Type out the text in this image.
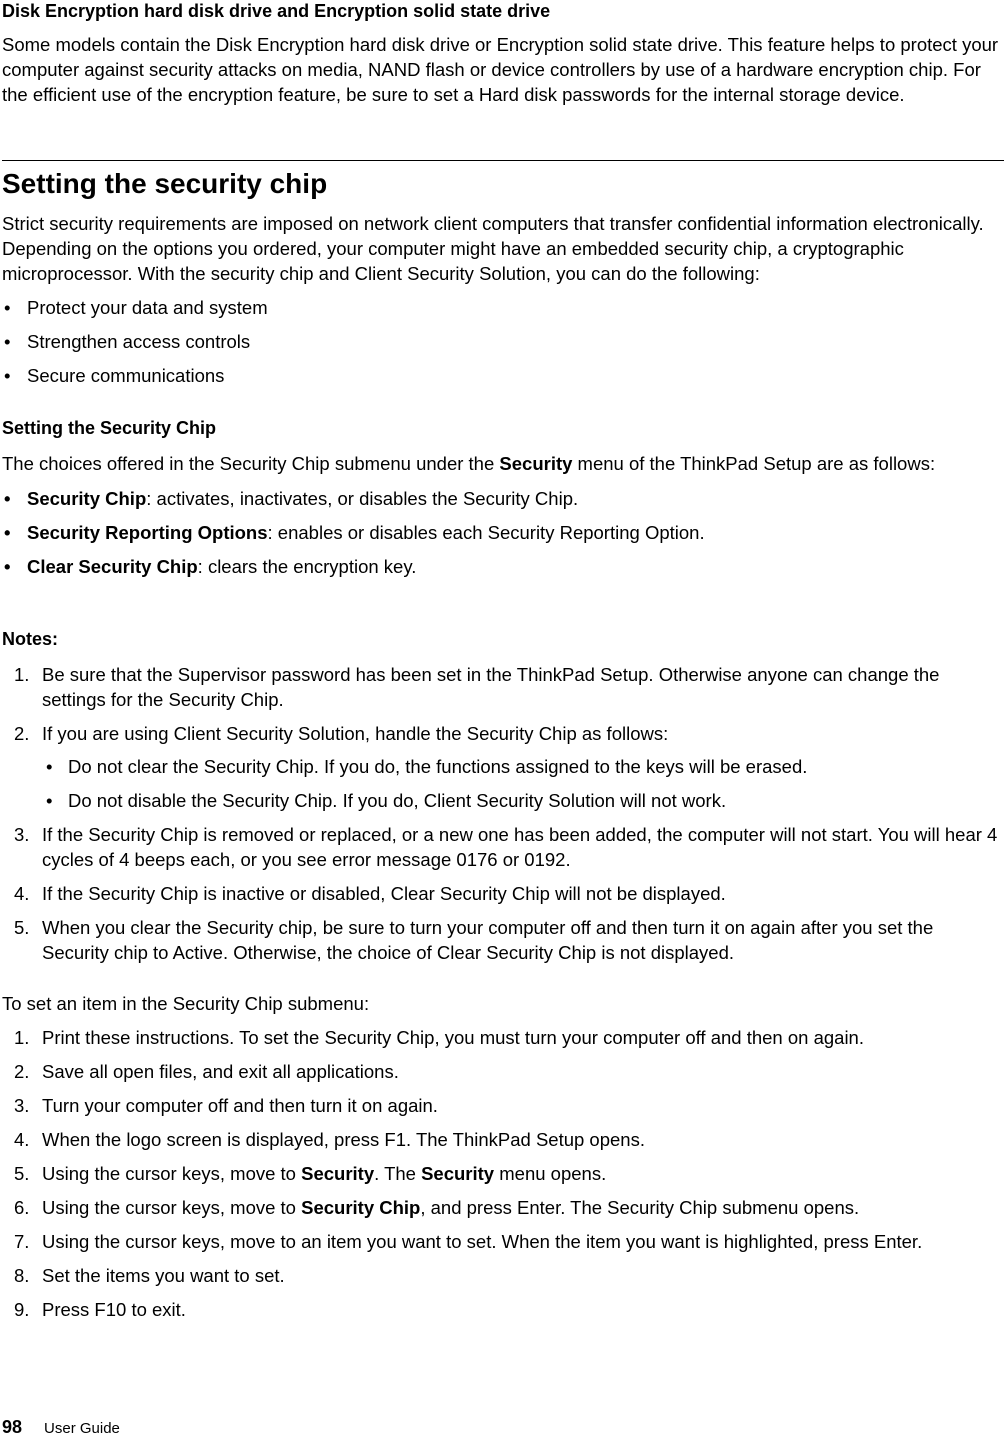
Disk Encryption hard disk drive and Encryption solid state drive

Some models contain the Disk Encryption hard disk drive or Encryption solid state drive. This feature helps to protect your computer against security attacks on media, NAND flash or device controllers by use of a hardware encryption chip. For the efficient use of the encryption feature, be sure to set a Hard disk passwords for the internal storage device.

Setting the security chip

Strict security requirements are imposed on network client computers that transfer confidential information electronically. Depending on the options you ordered, your computer might have an embedded security chip, a cryptographic microprocessor. With the security chip and Client Security Solution, you can do the following:

• Protect your data and system
• Strengthen access controls
• Secure communications
Setting the Security Chip

The choices offered in the Security Chip submenu under the Security menu of the ThinkPad Setup are as follows:

• Security Chip: activates, inactivates, or disables the Security Chip.
• Security Reporting Options: enables or disables each Security Reporting Option.
• Clear Security Chip: clears the encryption key.
Notes:
1. Be sure that the Supervisor password has been set in the ThinkPad Setup. Otherwise anyone can change the settings for the Security Chip.
2. If you are using Client Security Solution, handle the Security Chip as follows:
• Do not clear the Security Chip. If you do, the functions assigned to the keys will be erased.
• Do not disable the Security Chip. If you do, Client Security Solution will not work.
3. If the Security Chip is removed or replaced, or a new one has been added, the computer will not start. You will hear 4 cycles of 4 beeps each, or you see error message 0176 or 0192.
4. If the Security Chip is inactive or disabled, Clear Security Chip will not be displayed.
5. When you clear the Security chip, be sure to turn your computer off and then turn it on again after you set the Security chip to Active. Otherwise, the choice of Clear Security Chip is not displayed.

To set an item in the Security Chip submenu:

1. Print these instructions. To set the Security Chip, you must turn your computer off and then on again.
2. Save all open files, and exit all applications.
3. Turn your computer off and then turn it on again.
4. When the logo screen is displayed, press F1. The ThinkPad Setup opens.
5. Using the cursor keys, move to Security. The Security menu opens.
6. Using the cursor keys, move to Security Chip, and press Enter. The Security Chip submenu opens.
7. Using the cursor keys, move to an item you want to set. When the item you want is highlighted, press Enter.
8. Set the items you want to set.
9. Press F10 to exit.
98 User Guide
